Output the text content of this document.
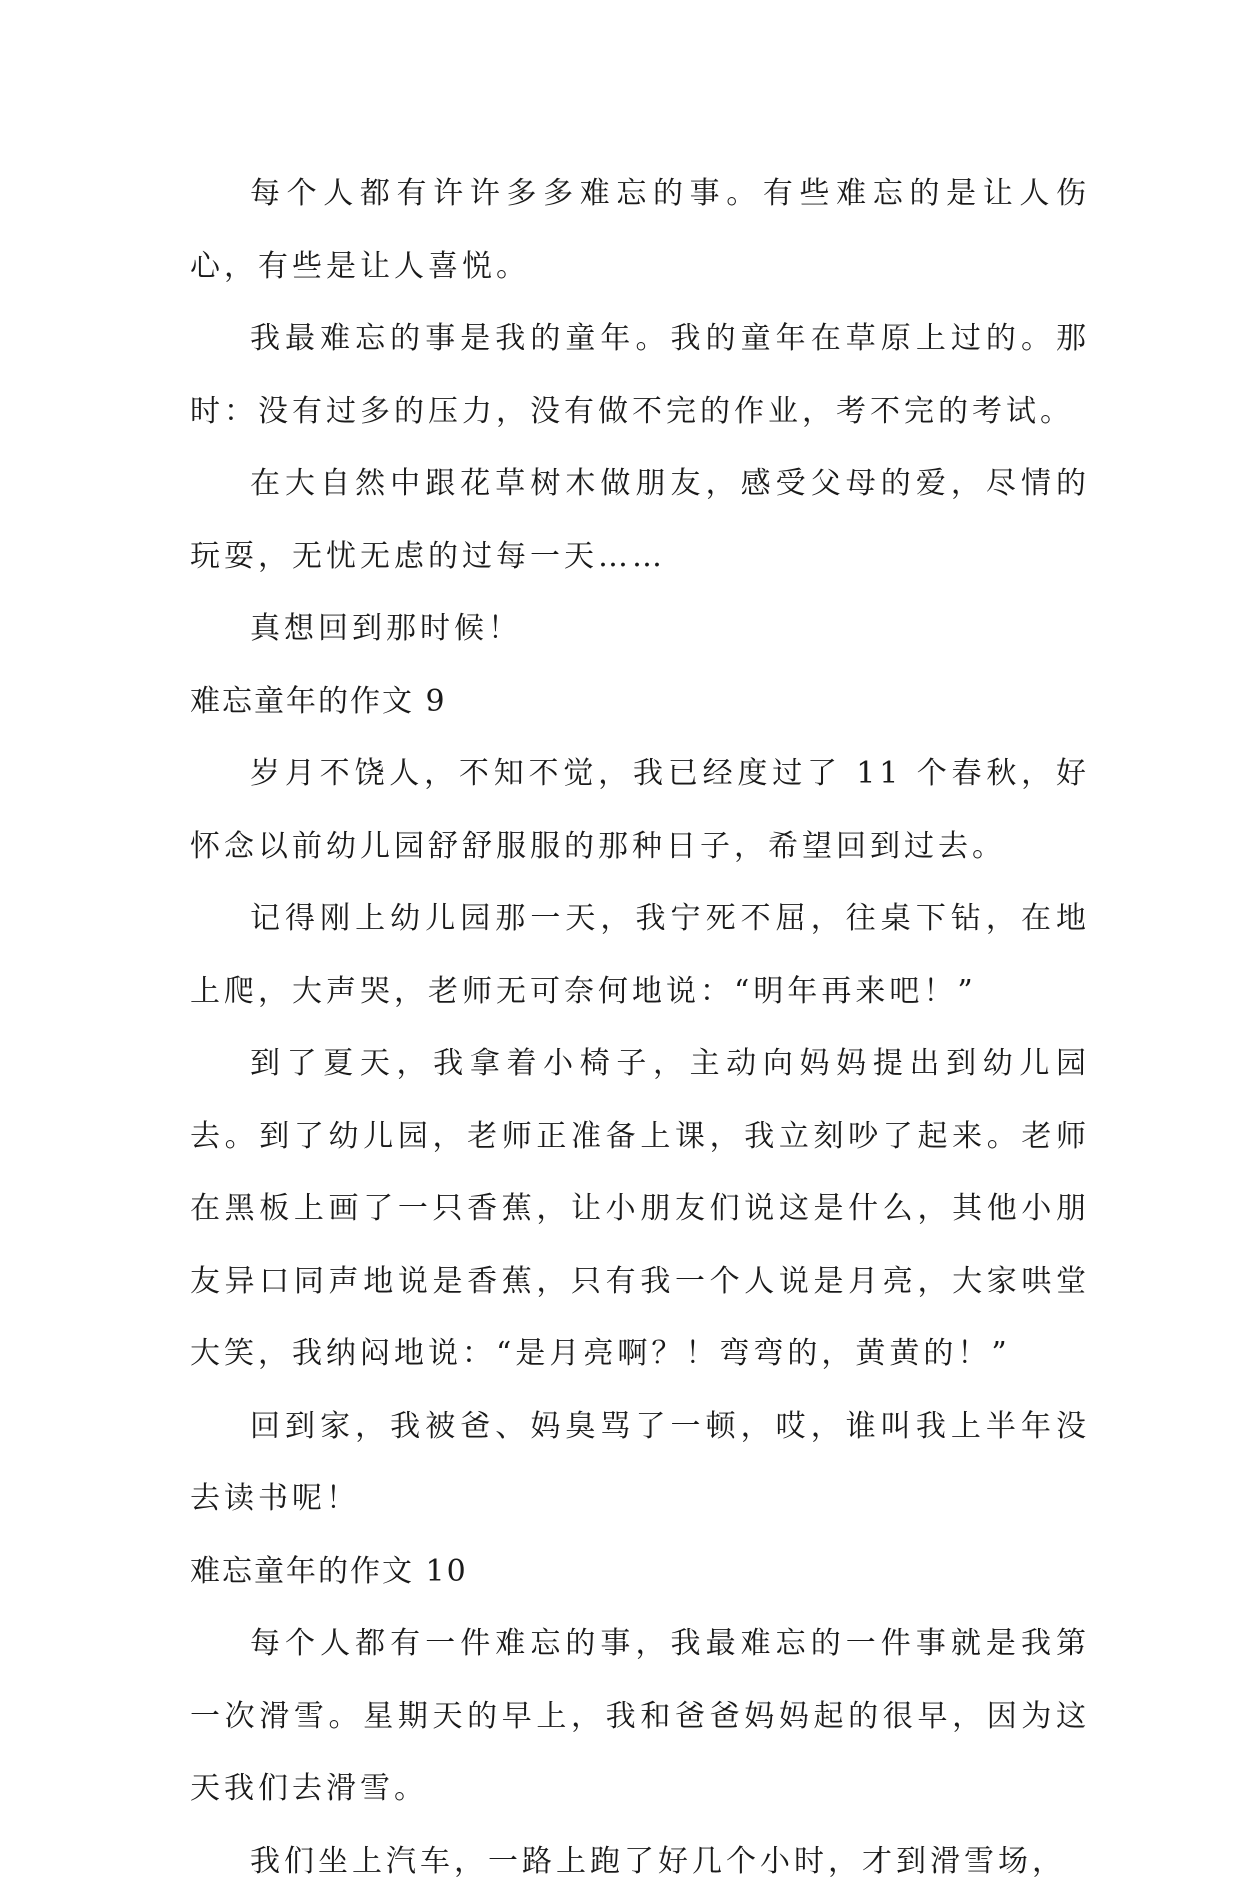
每个人都有许许多多难忘的事。有些难忘的是让人伤心，有些是让人喜悦。

我最难忘的事是我的童年。我的童年在草原上过的。那时：没有过多的压力，没有做不完的作业，考不完的考试。

在大自然中跟花草树木做朋友，感受父母的爱，尽情的玩耍，无忧无虑的过每一天……

真想回到那时候！

难忘童年的作文 9

岁月不饶人，不知不觉，我已经度过了 11 个春秋，好怀念以前幼儿园舒舒服服的那种日子，希望回到过去。

记得刚上幼儿园那一天，我宁死不屈，往桌下钻，在地上爬，大声哭，老师无可奈何地说：“明年再来吧！”

到了夏天，我拿着小椅子，主动向妈妈提出到幼儿园去。到了幼儿园，老师正准备上课，我立刻吵了起来。老师在黑板上画了一只香蕉，让小朋友们说这是什么，其他小朋友异口同声地说是香蕉，只有我一个人说是月亮，大家哄堂大笑，我纳闷地说：“是月亮啊？！弯弯的，黄黄的！”

回到家，我被爸、妈臭骂了一顿，哎，谁叫我上半年没去读书呢！

难忘童年的作文 10

每个人都有一件难忘的事，我最难忘的一件事就是我第一次滑雪。星期天的早上，我和爸爸妈妈起的很早，因为这天我们去滑雪。

我们坐上汽车，一路上跑了好几个小时，才到滑雪场，
